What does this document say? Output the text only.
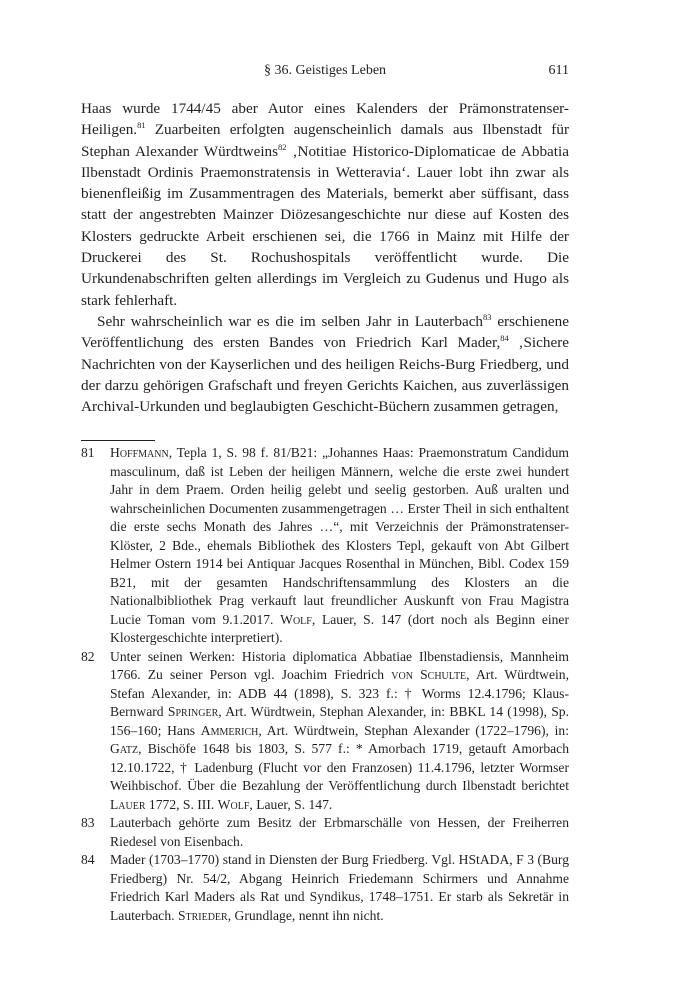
§ 36. Geistiges Leben	611

Haas wurde 1744/45 aber Autor eines Kalenders der Prämonstratenser-Heiligen.$^{81}$ Zuarbeiten erfolgten augenscheinlich damals aus Ilbenstadt für Stephan Alexander Würdtweins$^{82}$ ‚Notitiae Historico-Diplomaticae de Abbatia Ilbenstadt Ordinis Praemonstratensis in Wetteravia‘. Lauer lobt ihn zwar als bienenfleißig im Zusammentragen des Materials, bemerkt aber süffisant, dass statt der angestrebten Mainzer Diözesangeschichte nur diese auf Kosten des Klosters gedruckte Arbeit erschienen sei, die 1766 in Mainz mit Hilfe der Druckerei des St. Rochushospitals veröffentlicht wurde. Die Urkundenabschriften gelten allerdings im Vergleich zu Gudenus und Hugo als stark fehlerhaft.

Sehr wahrscheinlich war es die im selben Jahr in Lauterbach$^{83}$ erschienene Veröffentlichung des ersten Bandes von Friedrich Karl Mader,$^{84}$ ‚Sichere Nachrichten von der Kayserlichen und des heiligen Reichs-Burg Friedberg, und der darzu gehörigen Grafschaft und freyen Gerichts Kaichen, aus zuverlässigen Archival-Urkunden und beglaubigten Geschicht-Büchern zusammen getragen,

81	Hoffmann, Tepla 1, S. 98 f. 81/B21: „Johannes Haas: Praemonstratum Candidum masculinum, daß ist Leben der heiligen Männern, welche die erste zwei hundert Jahr in dem Praem. Orden heilig gelebt und seelig gestorben. Auß uralten und wahrscheinlichen Documenten zusammengetragen … Erster Theil in sich enthaltent die erste sechs Monath des Jahres …“, mit Verzeichnis der Prämonstratenser-Klöster, 2 Bde., ehemals Bibliothek des Klosters Tepl, gekauft von Abt Gilbert Helmer Ostern 1914 bei Antiquar Jacques Rosenthal in München, Bibl. Codex 159 B21, mit der gesamten Handschriftensammlung des Klosters an die Nationalbibliothek Prag verkauft laut freundlicher Auskunft von Frau Magistra Lucie Toman vom 9.1.2017. Wolf, Lauer, S. 147 (dort noch als Beginn einer Klostergeschichte interpretiert).
82	Unter seinen Werken: Historia diplomatica Abbatiae Ilbenstadiensis, Mannheim 1766. Zu seiner Person vgl. Joachim Friedrich von Schulte, Art. Würdtwein, Stefan Alexander, in: ADB 44 (1898), S. 323 f.: † Worms 12.4.1796; Klaus-Bernward Springer, Art. Würdtwein, Stephan Alexander, in: BBKL 14 (1998), Sp. 156–160; Hans Ammerich, Art. Würdtwein, Stephan Alexander (1722–1796), in: Gatz, Bischöfe 1648 bis 1803, S. 577 f.: * Amorbach 1719, getauft Amorbach 12.10.1722, † Ladenburg (Flucht vor den Franzosen) 11.4.1796, letzter Wormser Weihbischof. Über die Bezahlung der Veröffentlichung durch Ilbenstadt berichtet Lauer 1772, S. III. Wolf, Lauer, S. 147.
83	Lauterbach gehörte zum Besitz der Erbmarschälle von Hessen, der Freiherren Riedesel von Eisenbach.
84	Mader (1703–1770) stand in Diensten der Burg Friedberg. Vgl. HStADA, F 3 (Burg Friedberg) Nr. 54/2, Abgang Heinrich Friedemann Schirmers und Annahme Friedrich Karl Maders als Rat und Syndikus, 1748–1751. Er starb als Sekretär in Lauterbach. Strieder, Grundlage, nennt ihn nicht.
